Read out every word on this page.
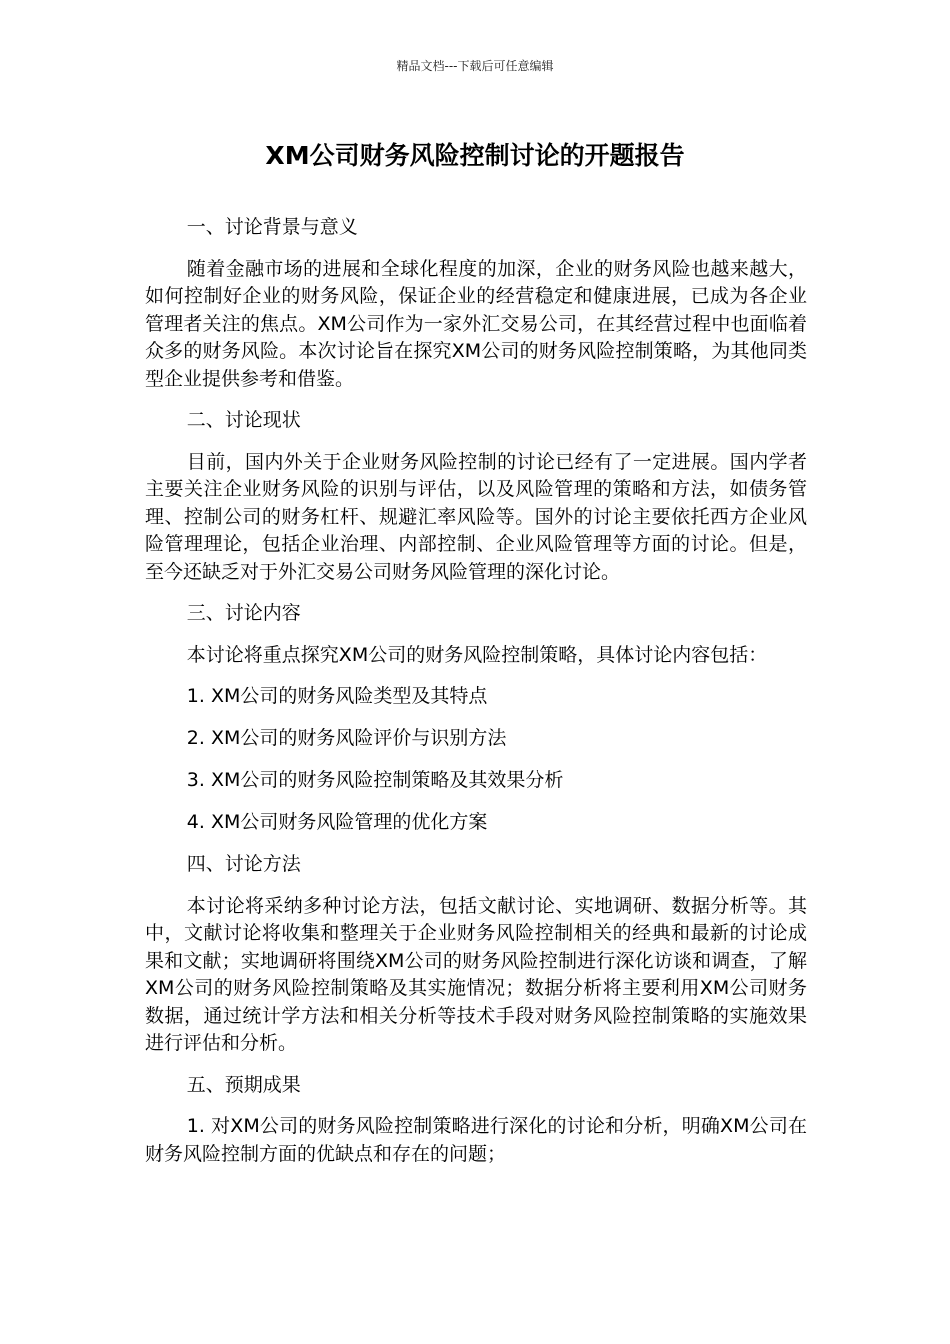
精品文档---下载后可任意编辑
XM公司财务风险控制讨论的开题报告

一、讨论背景与意义

随着金融市场的进展和全球化程度的加深，企业的财务风险也越来越大，如何控制好企业的财务风险，保证企业的经营稳定和健康进展，已成为各企业管理者关注的焦点。XM公司作为一家外汇交易公司，在其经营过程中也面临着众多的财务风险。本次讨论旨在探究XM公司的财务风险控制策略，为其他同类型企业提供参考和借鉴。

二、讨论现状

目前，国内外关于企业财务风险控制的讨论已经有了一定进展。国内学者主要关注企业财务风险的识别与评估，以及风险管理的策略和方法，如债务管理、控制公司的财务杠杆、规避汇率风险等。国外的讨论主要依托西方企业风险管理理论，包括企业治理、内部控制、企业风险管理等方面的讨论。但是，至今还缺乏对于外汇交易公司财务风险管理的深化讨论。

三、讨论内容

本讨论将重点探究XM公司的财务风险控制策略，具体讨论内容包括：

1. XM公司的财务风险类型及其特点

2. XM公司的财务风险评价与识别方法

3. XM公司的财务风险控制策略及其效果分析

4. XM公司财务风险管理的优化方案

四、讨论方法

本讨论将采纳多种讨论方法，包括文献讨论、实地调研、数据分析等。其中，文献讨论将收集和整理关于企业财务风险控制相关的经典和最新的讨论成果和文献；实地调研将围绕XM公司的财务风险控制进行深化访谈和调查，了解XM公司的财务风险控制策略及其实施情况；数据分析将主要利用XM公司财务数据，通过统计学方法和相关分析等技术手段对财务风险控制策略的实施效果进行评估和分析。

五、预期成果

1. 对XM公司的财务风险控制策略进行深化的讨论和分析，明确XM公司在财务风险控制方面的优缺点和存在的问题；
